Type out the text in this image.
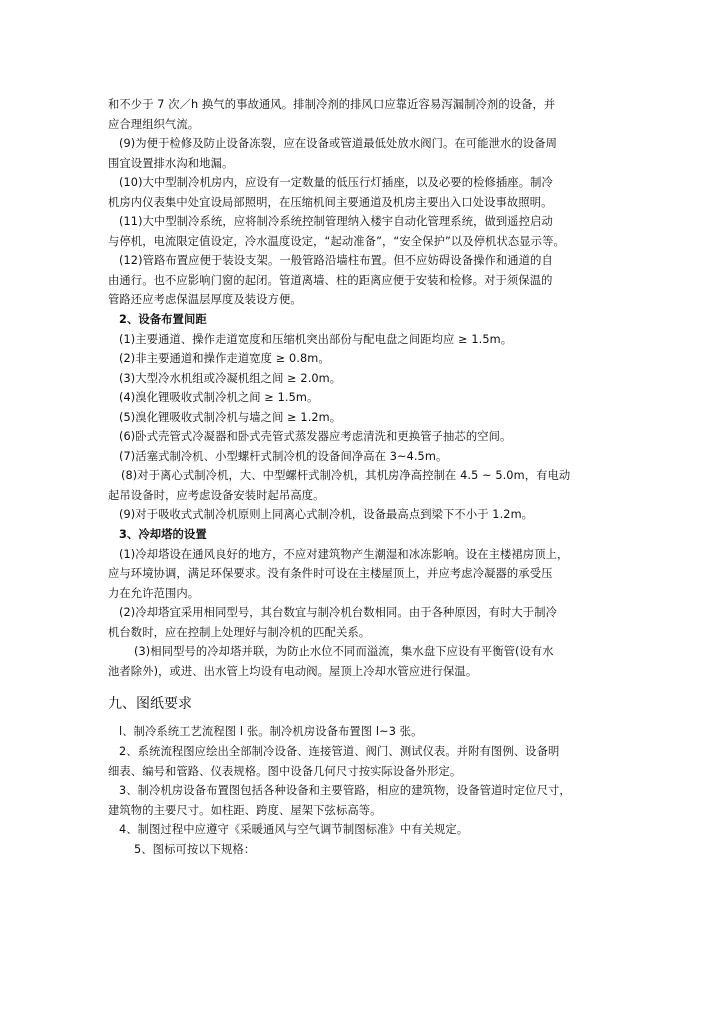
和不少于 7 次／h 换气的事故通风。排制冷剂的排风口应靠近容易泻漏制冷剂的设备，并
应合理组织气流。
(9)为便于检修及防止设备冻裂，应在设备或管道最低处放水阀门。在可能泄水的设备周
围宜设置排水沟和地漏。
(10)大中型制冷机房内，应设有一定数量的低压行灯插座，以及必要的检修插座。制冷
机房内仪表集中处宜设局部照明，在压缩机间主要通道及机房主要出入口处设事故照明。
(11)大中型制冷系统，应将制冷系统控制管理纳入楼宇自动化管理系统，做到遥控启动
与停机，电流限定值设定，冷水温度设定，“起动准备”，“安全保护”以及停机状态显示等。
(12)管路布置应便于装设支架。一般管路沿墙柱布置。但不应妨碍设备操作和通道的自
由通行。也不应影响门窗的起闭。管道离墙、柱的距离应便于安装和检修。对于须保温的
管路还应考虑保温层厚度及装设方便。
2、设备布置间距
(1)主要通道、操作走道宽度和压缩机突出部份与配电盘之间距均应 ≥ 1.5m。
(2)非主要通道和操作走道宽度 ≥ 0.8m。
(3)大型冷水机组或冷凝机组之间 ≥ 2.0m。
(4)溴化锂吸收式制冷机之间 ≥ 1.5m。
(5)溴化锂吸收式制冷机与墙之间 ≥ 1.2m。
(6)卧式壳管式冷凝器和卧式壳管式蒸发器应考虑清洗和更换管子抽芯的空间。
(7)活塞式制冷机、小型螺杆式制冷机的设备间净高在 3~4.5m。
(8)对于离心式制冷机，大、中型螺杆式制冷机，其机房净高控制在 4.5 ~ 5.0m，有电动
起吊设备时，应考虑设备安装时起吊高度。
(9)对于吸收式式制冷机原则上同离心式制冷机，设备最高点到梁下不小于 1.2m。
3、冷却塔的设置
(1)冷却塔设在通风良好的地方，不应对建筑物产生潮湿和冰冻影响。设在主楼裙房顶上，
应与环境协调，满足环保要求。没有条件时可设在主楼屋顶上，并应考虑冷凝器的承受压
力在允许范围内。
(2)冷却塔宜采用相同型号，其台数宜与制冷机台数相同。由于各种原因，有时大于制冷
机台数时，应在控制上处理好与制冷机的匹配关系。
(3)相同型号的冷却塔并联，为防止水位不同而溢流，集水盘下应设有平衡管(设有水
池者除外)，或进、出水管上均设有电动阀。屋顶上冷却水管应进行保温。
九、图纸要求
l、制冷系统工艺流程图 l 张。制冷机房设备布置图 l~3 张。
2、系统流程图应绘出全部制冷设备、连接管道、阀门、测试仪表。并附有图例、设备明
细表、编号和管路、仪表规格。图中设备几何尺寸按实际设备外形定。
3、制冷机房设备布置图包括各种设备和主要管路，相应的建筑物，设备管道时定位尺寸，
建筑物的主要尺寸。如柱距、跨度、屋架下弦标高等。
4、制图过程中应遵守《采暖通风与空气调节制图标准》中有关规定。
5、图标可按以下规格：
